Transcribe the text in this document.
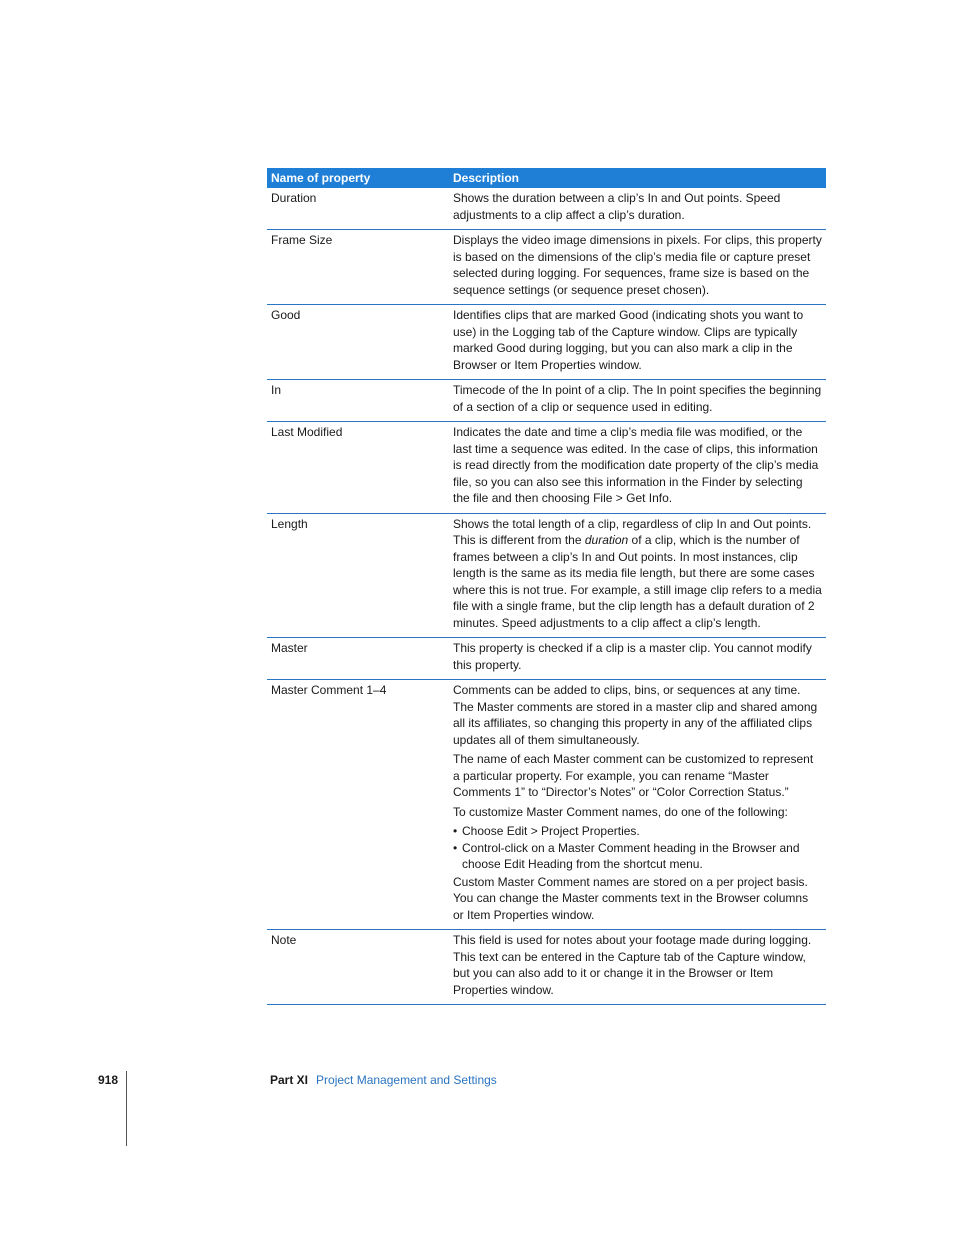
Name of property	Description
Duration	Shows the duration between a clip’s In and Out points. Speed adjustments to a clip affect a clip’s duration.

Frame Size	Displays the video image dimensions in pixels. For clips, this property is based on the dimensions of the clip’s media file or capture preset selected during logging. For sequences, frame size is based on the sequence settings (or sequence preset chosen).

Good	Identifies clips that are marked Good (indicating shots you want to use) in the Logging tab of the Capture window. Clips are typically marked Good during logging, but you can also mark a clip in the Browser or Item Properties window.

In	Timecode of the In point of a clip. The In point specifies the beginning of a section of a clip or sequence used in editing.

Last Modified	Indicates the date and time a clip’s media file was modified, or the last time a sequence was edited. In the case of clips, this information is read directly from the modification date property of the clip’s media file, so you can also see this information in the Finder by selecting the file and then choosing File > Get Info.

Length	Shows the total length of a clip, regardless of clip In and Out points. This is different from the duration of a clip, which is the number of frames between a clip’s In and Out points. In most instances, clip length is the same as its media file length, but there are some cases where this is not true. For example, a still image clip refers to a media file with a single frame, but the clip length has a default duration of 2 minutes. Speed adjustments to a clip affect a clip’s length.

Master	This property is checked if a clip is a master clip. You cannot modify this property.

Master Comment 1–4	Comments can be added to clips, bins, or sequences at any time. The Master comments are stored in a master clip and shared among all its affiliates, so changing this property in any of the affiliated clips updates all of them simultaneously.

The name of each Master comment can be customized to represent a particular property. For example, you can rename “Master Comments 1” to “Director’s Notes” or “Color Correction Status.”

To customize Master Comment names, do one of the following:

• Choose Edit > Project Properties.
• Control-click on a Master Comment heading in the Browser and choose Edit Heading from the shortcut menu.

Custom Master Comment names are stored on a per project basis. You can change the Master comments text in the Browser columns or Item Properties window.

Note	This field is used for notes about your footage made during logging. This text can be entered in the Capture tab of the Capture window, but you can also add to it or change it in the Browser or Item Properties window.

918	Part XI Project Management and Settings
